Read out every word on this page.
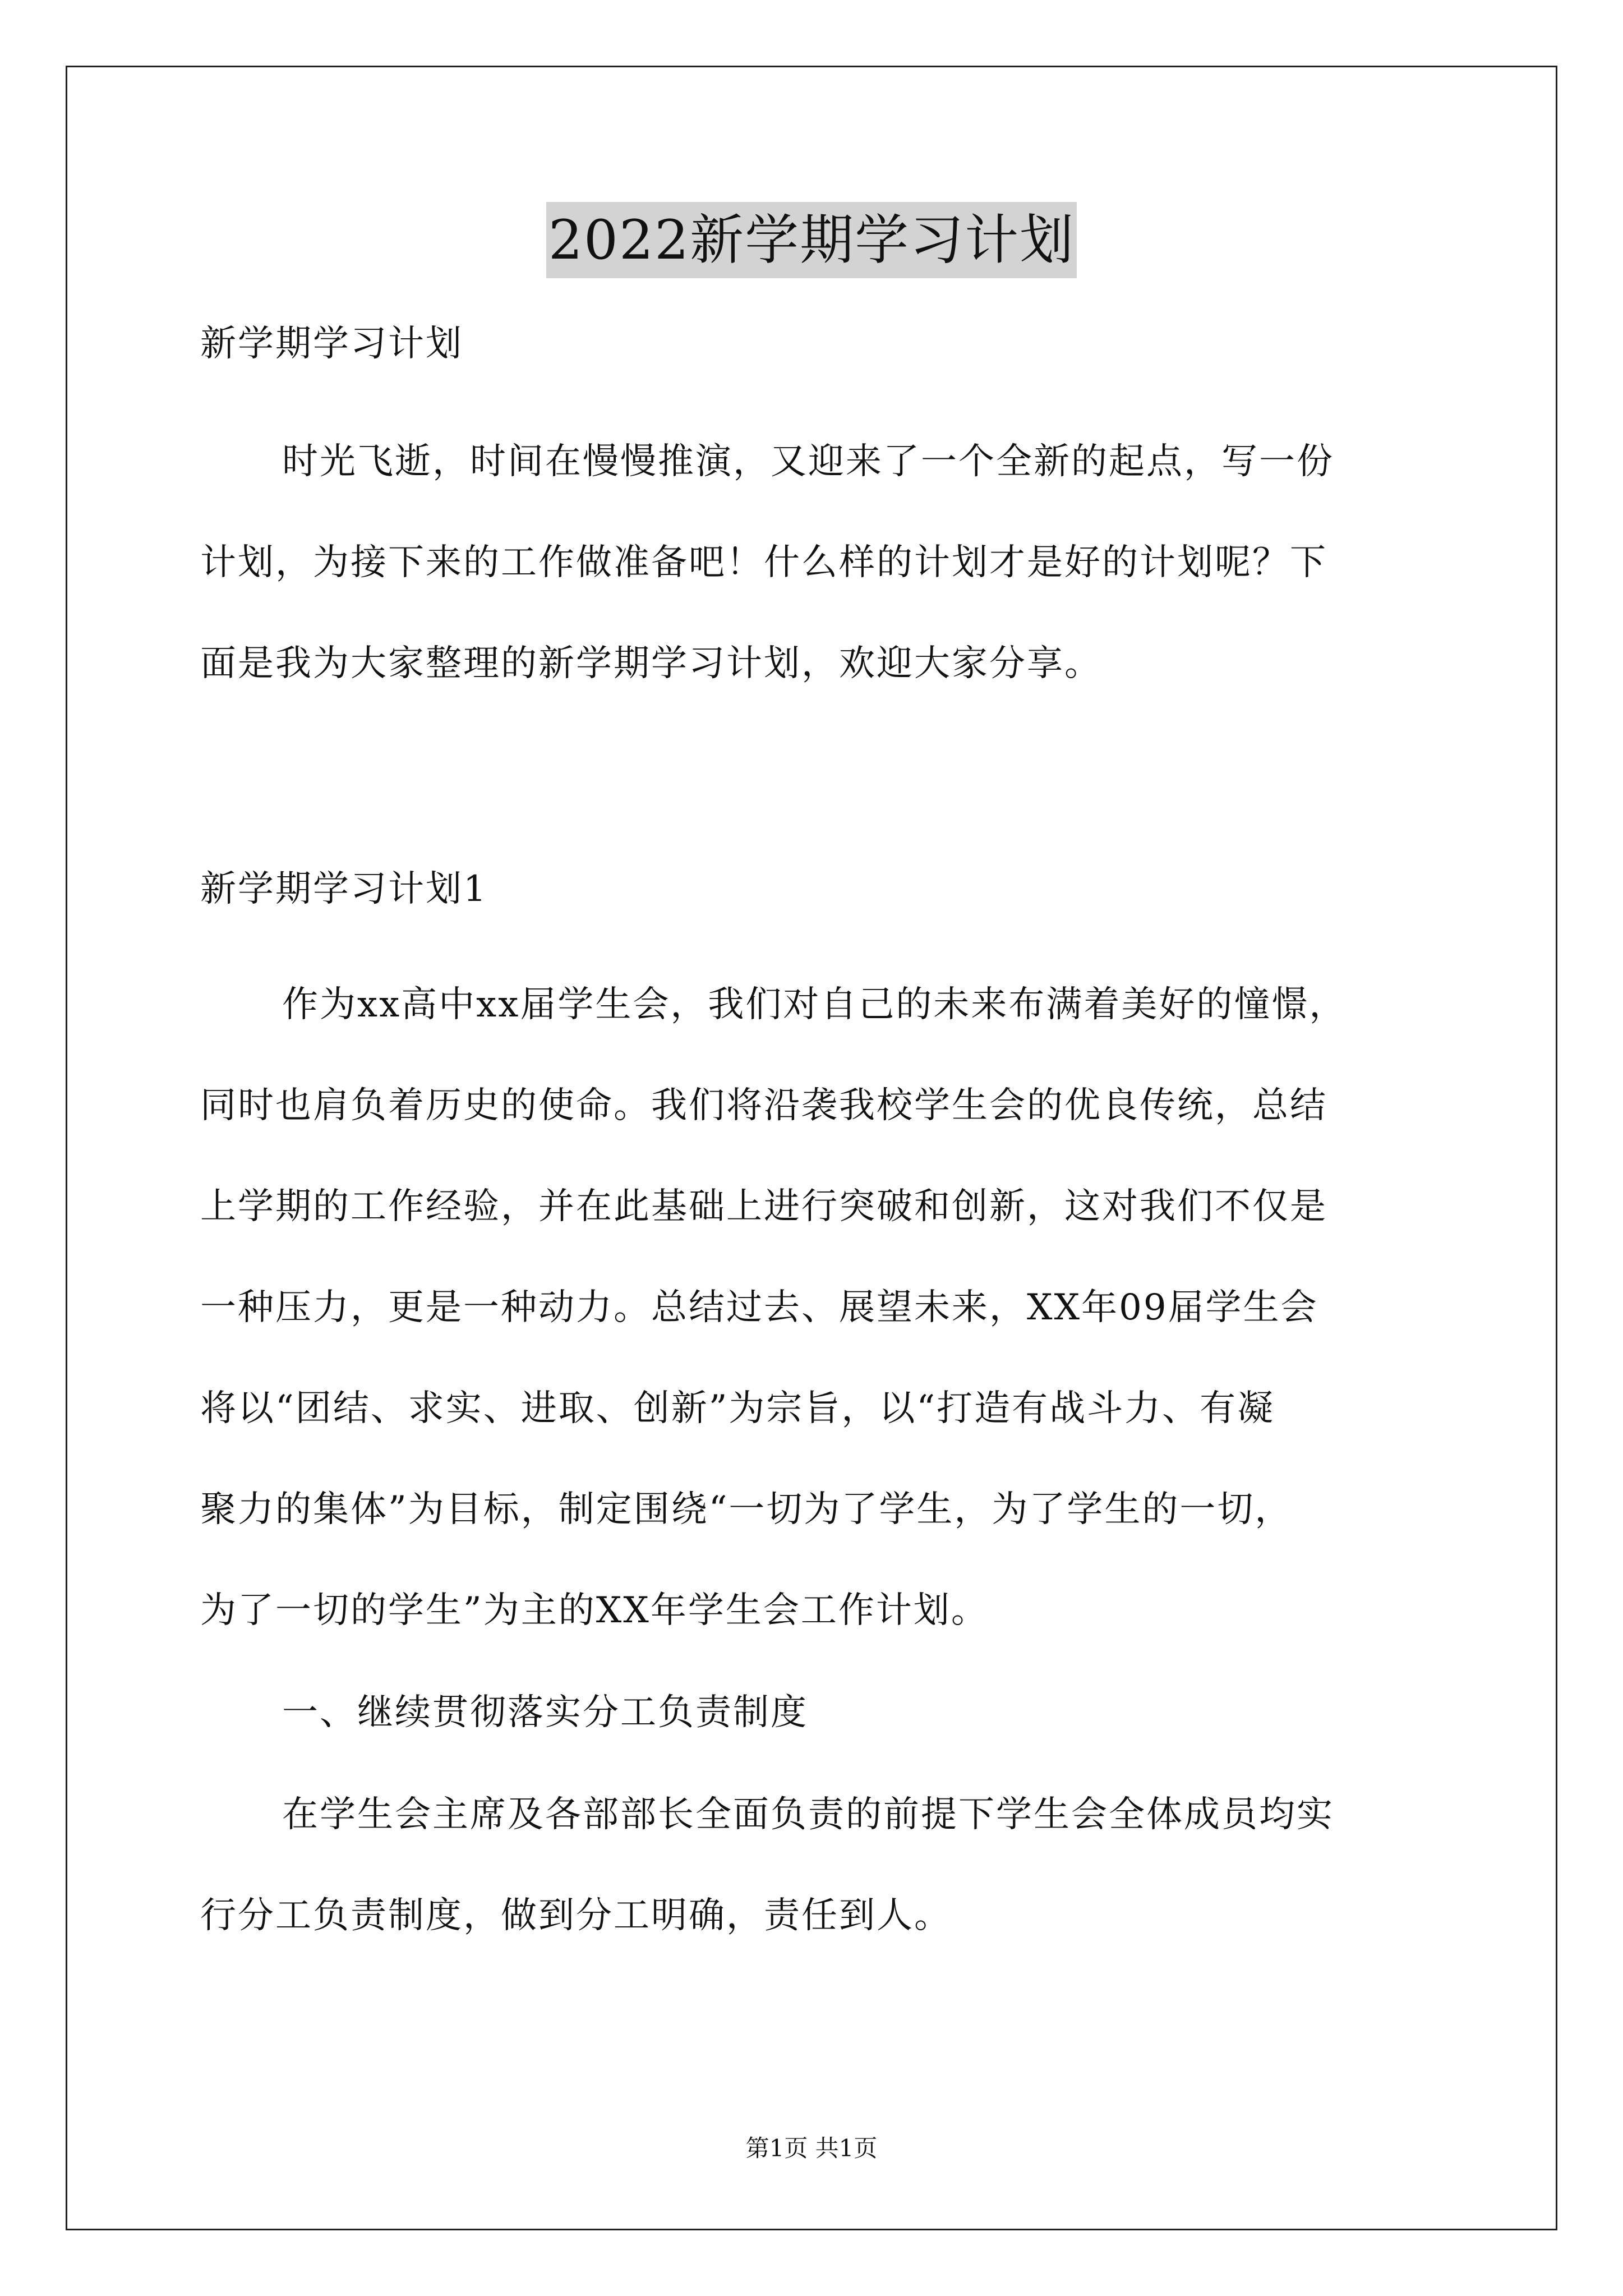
2022新学期学习计划
新学期学习计划
时光飞逝，时间在慢慢推演，又迎来了一个全新的起点，写一份
计划，为接下来的工作做准备吧！什么样的计划才是好的计划呢？下
面是我为大家整理的新学期学习计划，欢迎大家分享。
新学期学习计划1
作为xx高中xx届学生会，我们对自己的未来布满着美好的憧憬，
同时也肩负着历史的使命。我们将沿袭我校学生会的优良传统，总结
上学期的工作经验，并在此基础上进行突破和创新，这对我们不仅是
一种压力，更是一种动力。总结过去、展望未来，XX年09届学生会
将以“团结、求实、进取、创新”为宗旨，以“打造有战斗力、有凝
聚力的集体”为目标，制定围绕“一切为了学生，为了学生的一切，
为了一切的学生”为主的XX年学生会工作计划。
一、继续贯彻落实分工负责制度
在学生会主席及各部部长全面负责的前提下学生会全体成员均实
行分工负责制度，做到分工明确，责任到人。
第1页 共1页
